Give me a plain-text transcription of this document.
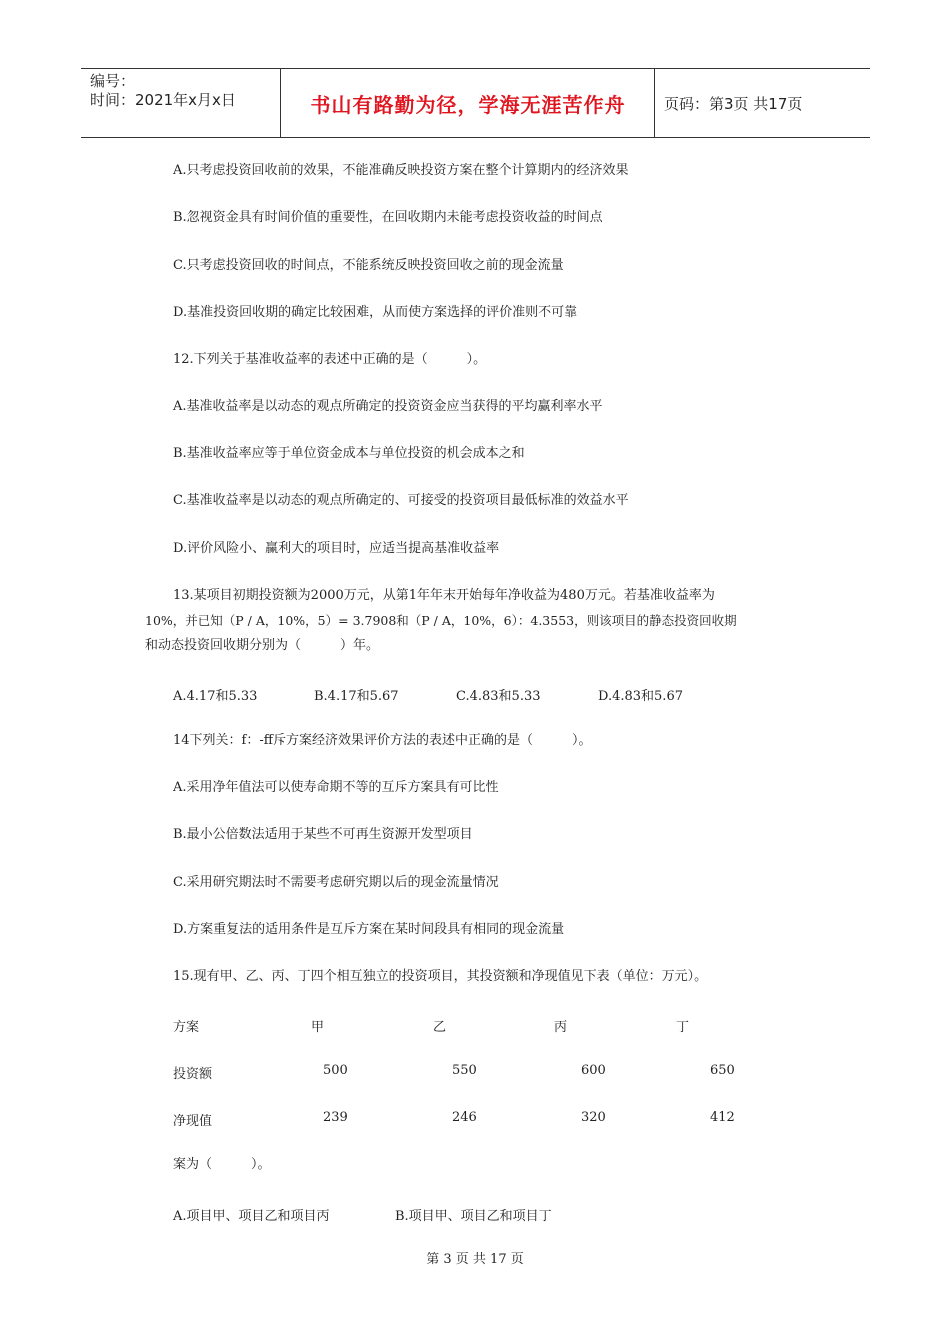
编号：
时间：2021年x月x日	书山有路勤为径，学海无涯苦作舟	页码：第3页 共17页
A.只考虑投资回收前的效果，不能准确反映投资方案在整个计算期内的经济效果
B.忽视资金具有时间价值的重要性，在回收期内未能考虑投资收益的时间点
C.只考虑投资回收的时间点，不能系统反映投资回收之前的现金流量
D.基准投资回收期的确定比较困难，从而使方案选择的评价准则不可靠
12.下列关于基准收益率的表述中正确的是（　　　）。
A.基准收益率是以动态的观点所确定的投资资金应当获得的平均赢利率水平
B.基准收益率应等于单位资金成本与单位投资的机会成本之和
C.基准收益率是以动态的观点所确定的、可接受的投资项目最低标准的效益水平
D.评价风险小、赢利大的项目时，应适当提高基准收益率
13.某项目初期投资额为2000万元，从第1年年末开始每年净收益为480万元。若基准收益率为
10%，并已知（P / A，10%，5）= 3.7908和（P / A，10%，6）：4.3553，则该项目的静态投资回收期
和动态投资回收期分别为（　　　）年。
A.4.17和5.33	B.4.17和5.67	C.4.83和5.33	D.4.83和5.67
14下列关：f：-ff斥方案经济效果评价方法的表述中正确的是（　　　）。
A.采用净年值法可以使寿命期不等的互斥方案具有可比性
B.最小公倍数法适用于某些不可再生资源开发型项目
C.采用研究期法时不需要考虑研究期以后的现金流量情况
D.方案重复法的适用条件是互斥方案在某时间段具有相同的现金流量
15.现有甲、乙、丙、丁四个相互独立的投资项目，其投资额和净现值见下表（单位：万元）。
方案	甲	乙	丙	丁
投资额	500	550	600	650
净现值	239	246	320	412
案为（　　　）。
A.项目甲、项目乙和项目丙	B.项目甲、项目乙和项目丁
第 3 页 共 17 页
